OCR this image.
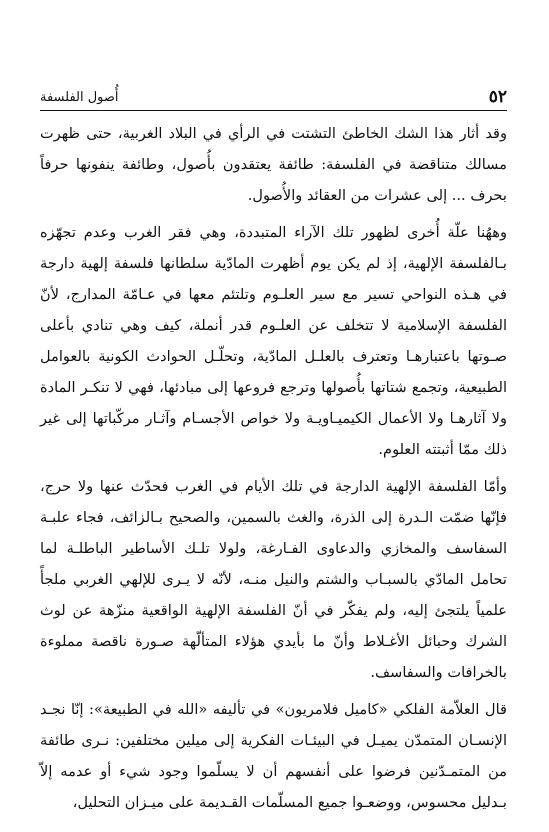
٥٢
أُصول الفلسفة

وقد أثار هذا الشك الخاطئ التشتت في الرأي في البلاد الغربية، حتى ظهرت مسالك متناقضة في الفلسفة: طائفة يعتقدون بأُصول، وطائفة ينفونها حرفاً بحرف ... إلى عشرات من العقائد والأُصول.

وههُنا علّة أُخرى لظهور تلك الآراء المتبددة، وهي فقر الغرب وعدم تجهّزه بـالفلسفة الإلهية، إذ لم يكن يوم أظهرت المادّية سلطانها فلسفة إلهية دارجة في هـذه النواحي تسير مع سير العلـوم وتلتئم معها في عـامّة المدارج، لأنّ الفلسفة الإسلامية لا تتخلف عن العلـوم قدر أنملة، كيف وهي تنادي بأعلى صـوتها باعتبارهـا وتعترف بالعلـل المادّية، وتحلّـل الحوادث الكونية بالعوامل الطبيعية، وتجمع شتاتها بأُصولها وترجع فروعها إلى مبادئها، فهي لا تنكـر المادة ولا آثارهـا ولا الأعمال الكيميـاويـة ولا خواص الأجسـام وآثـار مركّباتها إلى غير ذلك ممّا أثبتته العلوم.

وأمّا الفلسفة الإلهية الدارجة في تلك الأيام في الغرب فحدّث عنها ولا حرج، فإنّها ضمّت الـدرة إلى الذرة، والغث بالسمين، والصحيح بـالزائف، فجاء علبـة السفاسف والمخازي والدعاوى الفـارغة، ولولا تلـك الأساطير الباطلـة لما تحامل المادّي بالسبـاب والشتم والنيل منـه، لأنّه لا يـرى للإلهي الغربي ملجأً علمياً يلتجئ إليه، ولم يفكّر في أنّ الفلسفة الإلهية الواقعية منزّهة عن لوث الشرك وحبائل الأغـلاط وأنّ ما بأيدي هؤلاء المتألّهة صـورة ناقصة مملوءة بالخرافات والسفاسف.

قال العلاّمة الفلكي «كاميل فلامريون» في تأليفه «الله في الطبيعة»: إنّا نجـد الإنسـان المتمدّن يميـل في البيئـات الفكرية إلى ميلين مختلفين: نـرى طائفة من المتمـدّنين فرضوا على أنفسهم أن لا يسلّموا وجود شيء أو عدمه إلاّ بـدليل محسوس، ووضعـوا جميع المسلّمات القـديمة على ميـزان التحليل،
